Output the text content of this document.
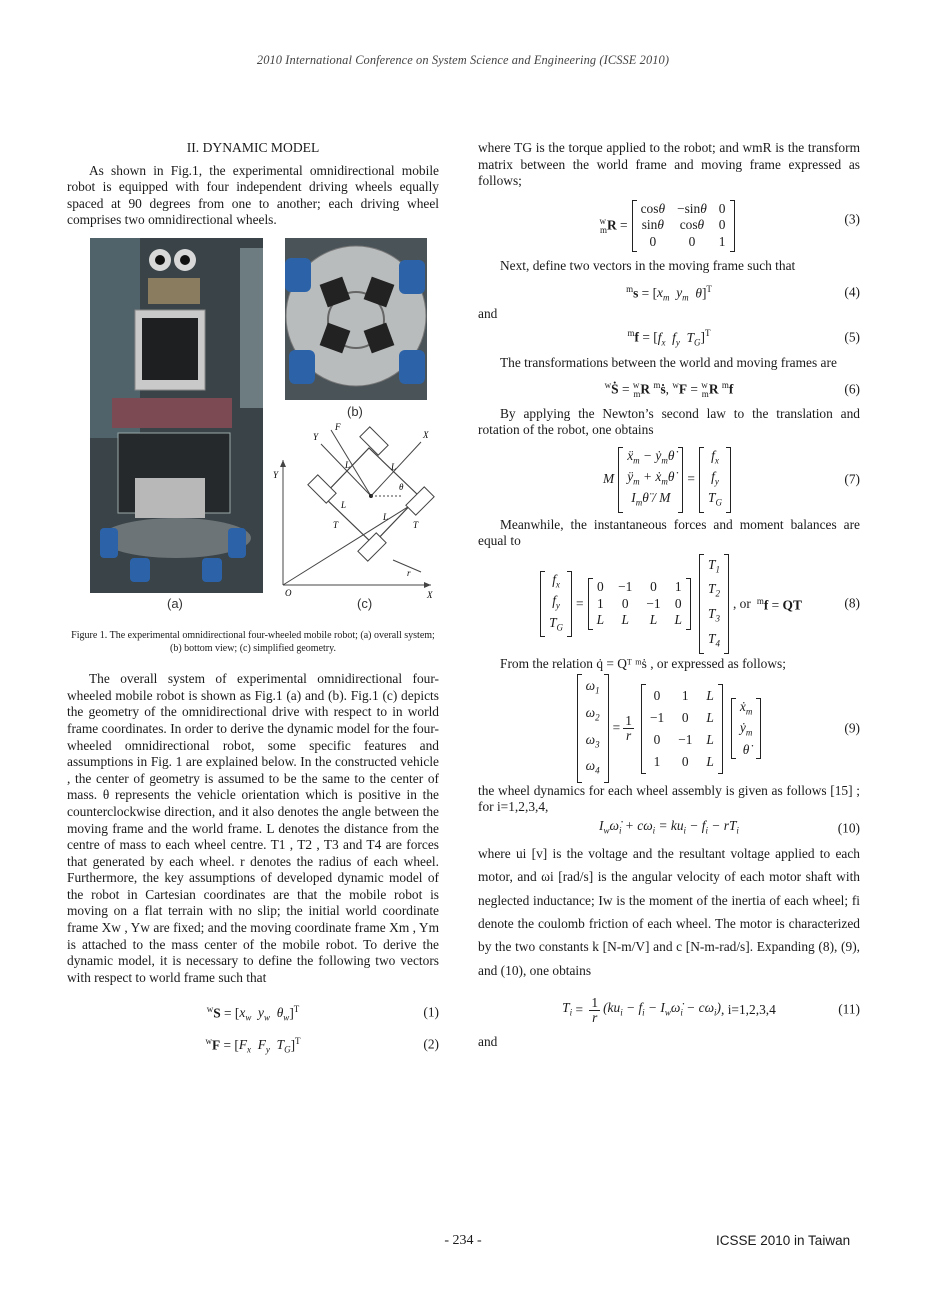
2010 International Conference on System Science and Engineering (ICSSE 2010)
II. DYNAMIC MODEL

As shown in Fig.1, the experimental omnidirectional mobile robot is equipped with four independent driving wheels equally spaced at 90 degrees from one to another; each driving wheel comprises two omnidirectional wheels.

(a)
(b)
Y
F
X
L	L
L
L
θ
Y
X
O
T	T
r
(c)
Figure 1. The experimental omnidirectional four-wheeled mobile robot; (a) overall system; (b) bottom view; (c) simplified geometry.

The overall system of experimental omnidirectional four-wheeled mobile robot is shown as Fig.1 (a) and (b). Fig.1 (c) depicts the geometry of the omnidirectional drive with respect to in world frame coordinates. In order to derive the dynamic model for the four-wheeled omnidirectional robot, some specific features and assumptions in Fig. 1 are explained below. In the constructed vehicle , the center of geometry is assumed to be the same to the center of mass. θ represents the vehicle orientation which is positive in the counterclockwise direction, and it also denotes the angle between the moving frame and the world frame. L denotes the distance from the centre of mass to each wheel centre. T1 , T2 , T3 and T4 are forces that generated by each wheel. r denotes the radius of each wheel. Furthermore, the key assumptions of developed dynamic model of the robot in Cartesian coordinates are that the mobile robot is moving on a flat terrain with no slip; the initial world coordinate frame Xw , Yw are fixed; and the moving coordinate frame Xm , Ym is attached to the mass center of the mobile robot. To derive the dynamic model, it is necessary to define the following two vectors with respect to world frame such that

$^wS = [x_w$ $y_w$ $\theta_w]^T$	(1)
$^wF = [F_x$ $F_y$ $T_G]^T$	(2)

where TG is the torque applied to the robot; and wmR is the transform matrix between the world frame and moving frame expressed as follows;

$^w_m$R =
cosθ −sinθ 0
sinθ cosθ 0
0	0	1
(3)

Next, define two vectors in the moving frame such that

$^ms = [x_m$ $y_m$ θ]$^T$	(4)

and

$^mf = [f_x$ $f_y$ $T_G]^T$	(5)

The transformations between the world and moving frames are

$^w$Ṡ = $^w_m$R $^m$ṡ, $^w$F = $^w_m$R $^m$f	(6)

By applying the Newton’s second law to the translation and rotation of the robot, one obtains

M
ẍ$_m$ − ẏ$_m$θ̇
$ÿ_m$ + ẋ$_m$θ̇
$I_m\thetä$ / M
=
$f_x$
$f_y$
$T_G$
(7)

Meanwhile, the instantaneous forces and moment balances are equal to

$f_x$
$f_y$
$T_G$
=
0 −1 0 1
1 0 −1 0
L L L L
$T_1$
$T_2$
$T_3$
$T_4$
, or $^m$f = QT	(8)

From the relation q̇ = Qᵀ ᵐṡ , or expressed as follows;

$\omega_1$
$\omega_2$
$\omega_3$
$\omega_4$
= $\frac{1}{r}$
0 1 L
−1 0 L
0 −1 L
1 0 L
ẋ$_m$
ẏ$_m$
θ̇
(9)

the wheel dynamics for each wheel assembly is given as follows [15] ; for i=1,2,3,4,

$I_w\omegȧ_i + c\omega_i = ku_i - f_i - rT_i$	(10)

where ui [v] is the voltage and the resultant voltage applied to each motor, and ωi [rad/s] is the angular velocity of each motor shaft with neglected inductance; Iw is the moment of the inertia of each wheel; fi denote the coulomb friction of each wheel. The motor is characterized by the two constants k [N-m/V] and c [N-m-rad/s]. Expanding (8), (9), and (10), one obtains

$T_i = \frac{1}{r} (ku_i - f_i$ − $I_w\omegȧ_i - c\omega_i$) , i=1,2,3,4	(11)

and

- 234 -	ICSSE 2010 in Taiwan
